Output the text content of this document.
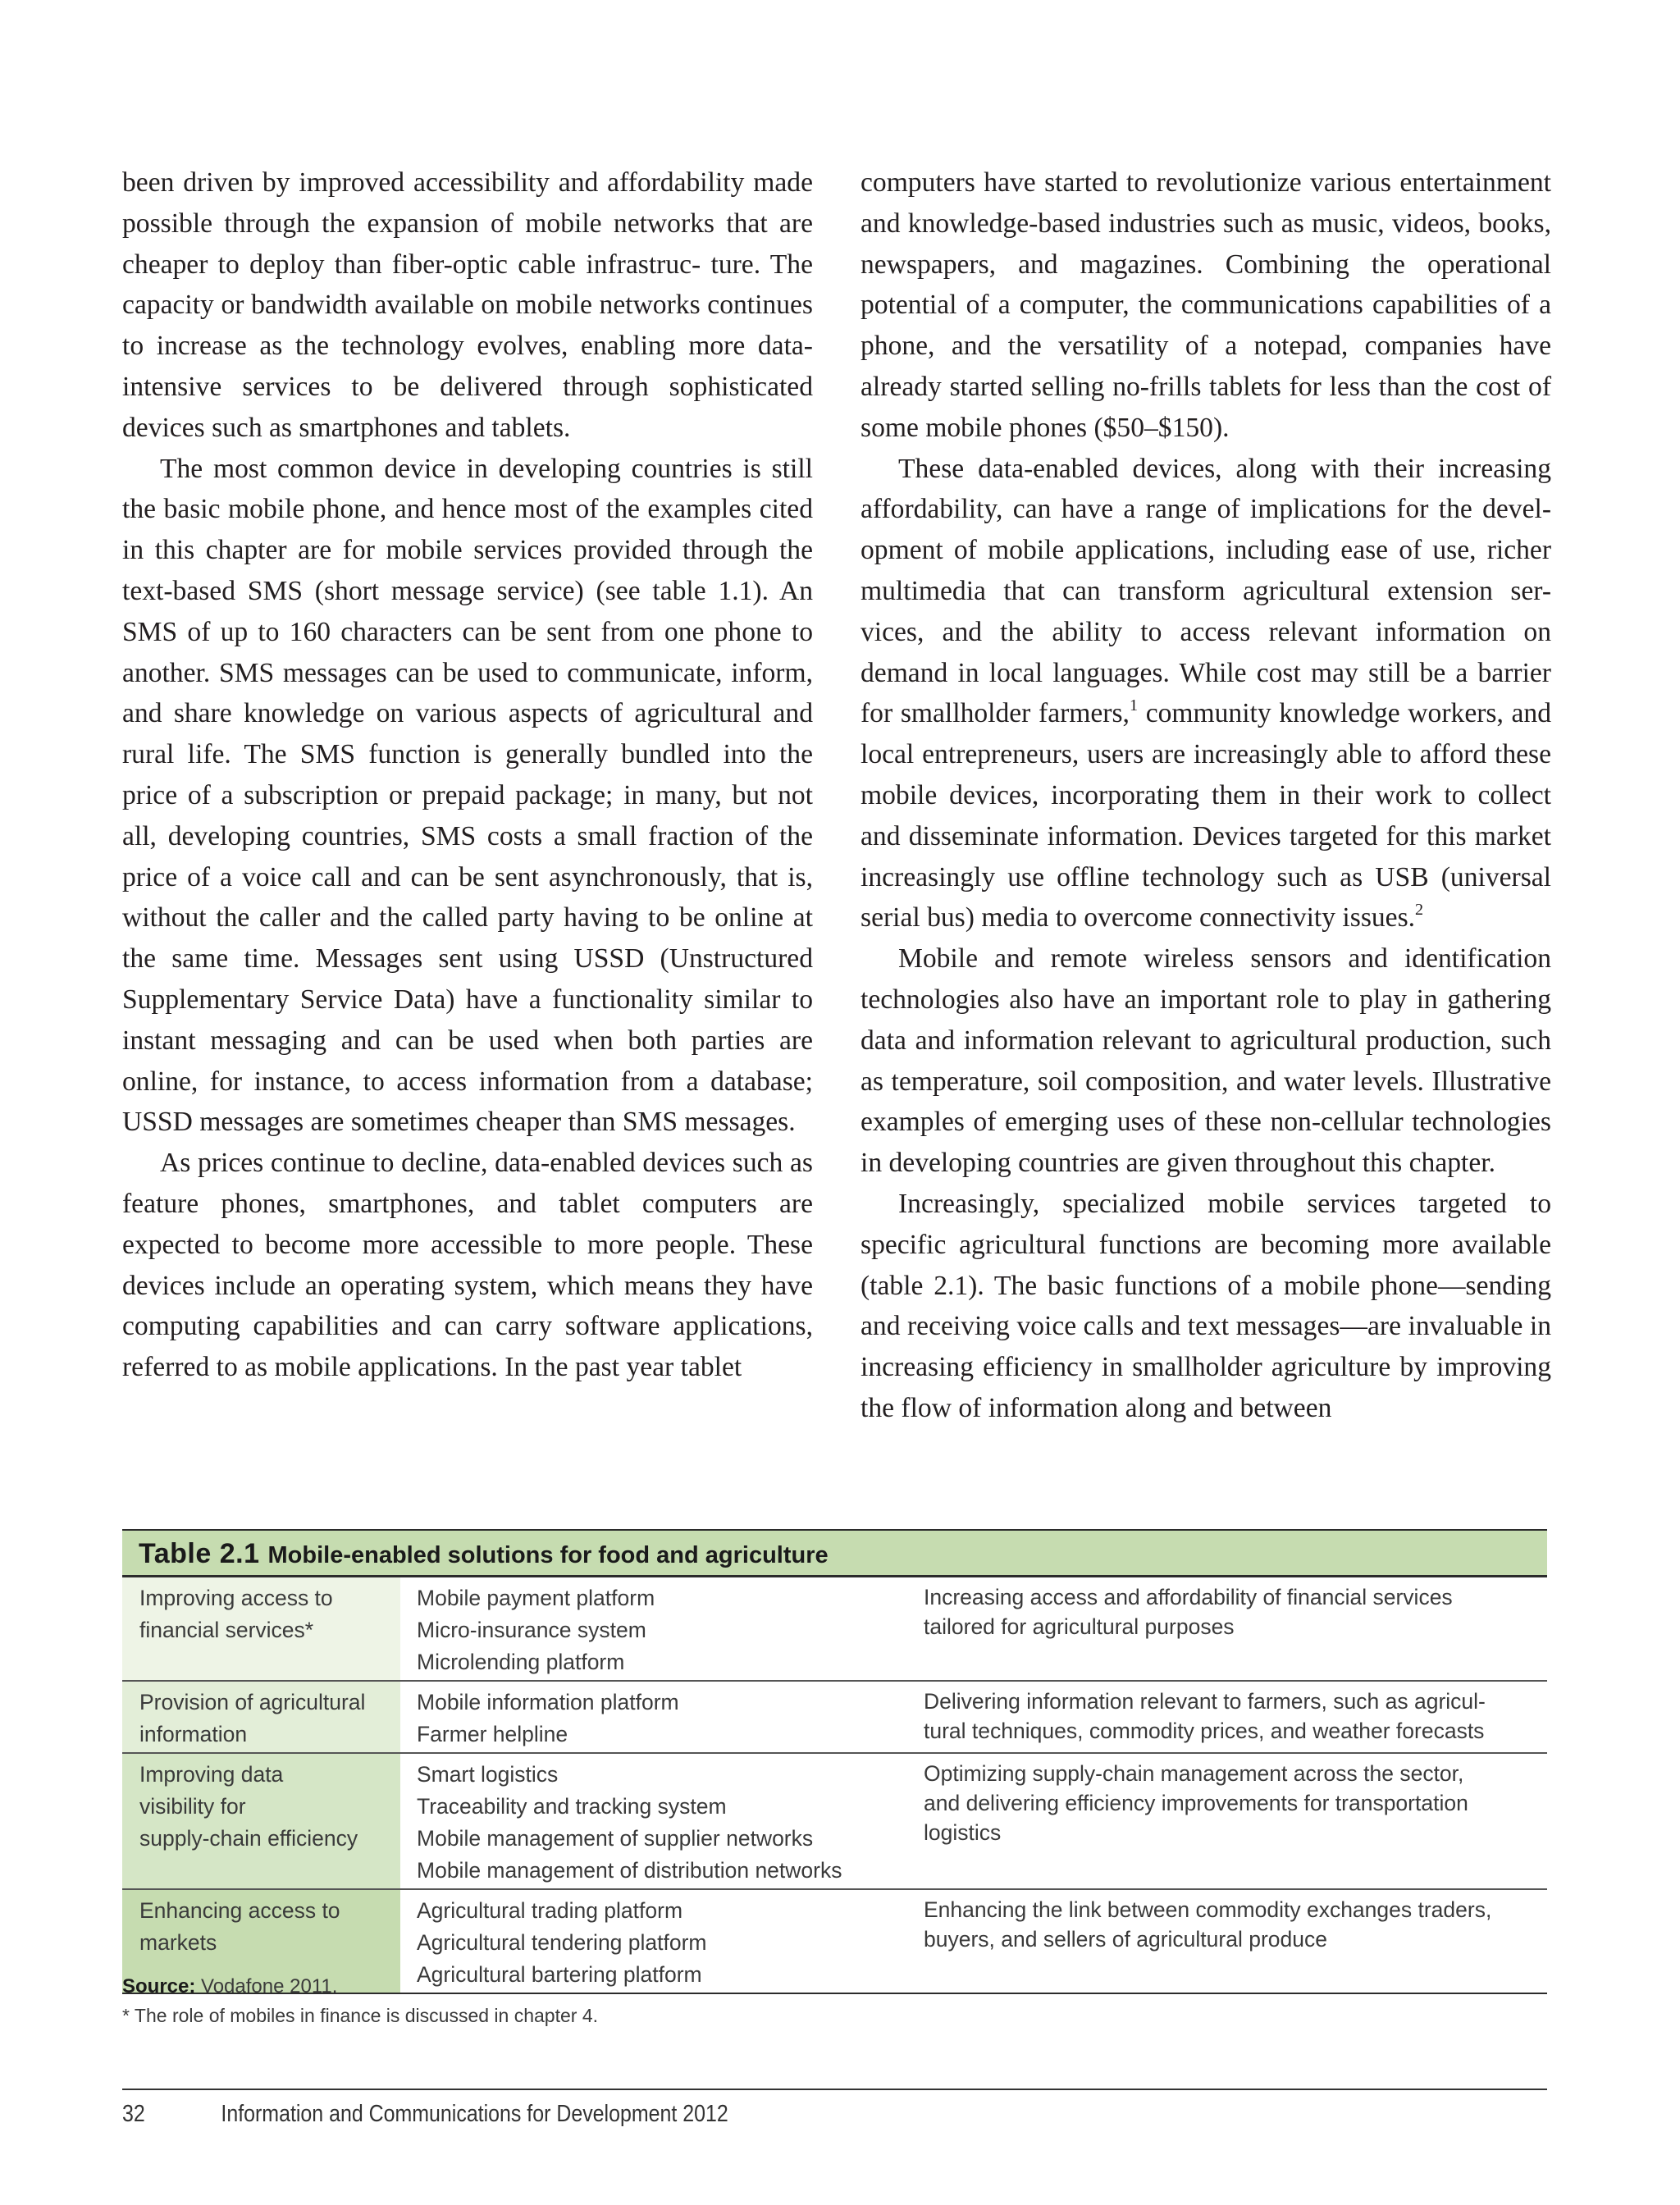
been driven by improved accessibility and affordability made possible through the expansion of mobile networks that are cheaper to deploy than fiber-optic cable infrastruc- ture. The capacity or bandwidth available on mobile networks continues to increase as the technology evolves, enabling more data-intensive services to be delivered through sophisticated devices such as smartphones and tablets.

The most common device in developing countries is still the basic mobile phone, and hence most of the examples cited in this chapter are for mobile services provided through the text-based SMS (short message service) (see table 1.1). An SMS of up to 160 characters can be sent from one phone to another. SMS messages can be used to communicate, inform, and share knowledge on various aspects of agricultural and rural life. The SMS function is generally bundled into the price of a subscription or prepaid package; in many, but not all, developing countries, SMS costs a small fraction of the price of a voice call and can be sent asynchronously, that is, without the caller and the called party having to be online at the same time. Messages sent using USSD (Unstructured Supplementary Service Data) have a functionality similar to instant messaging and can be used when both parties are online, for instance, to access information from a database; USSD messages are sometimes cheaper than SMS messages.

As prices continue to decline, data-enabled devices such as feature phones, smartphones, and tablet computers are expected to become more accessible to more people. These devices include an operating system, which means they have computing capabilities and can carry software applications, referred to as mobile applications. In the past year tablet

computers have started to revolutionize various entertainment and knowledge-based industries such as music, videos, books, newspapers, and magazines. Combining the operational potential of a computer, the communications capabilities of a phone, and the versatility of a notepad, companies have already started selling no-frills tablets for less than the cost of some mobile phones ($50–$150).

These data-enabled devices, along with their increasing affordability, can have a range of implications for the devel- opment of mobile applications, including ease of use, richer multimedia that can transform agricultural extension ser- vices, and the ability to access relevant information on demand in local languages. While cost may still be a barrier for smallholder farmers,$^1$ community knowledge workers, and local entrepreneurs, users are increasingly able to afford these mobile devices, incorporating them in their work to collect and disseminate information. Devices targeted for this market increasingly use offline technology such as USB (universal serial bus) media to overcome connectivity issues.$^2$

Mobile and remote wireless sensors and identification technologies also have an important role to play in gathering data and information relevant to agricultural production, such as temperature, soil composition, and water levels. Illustrative examples of emerging uses of these non-cellular technologies in developing countries are given throughout this chapter.

Increasingly, specialized mobile services targeted to specific agricultural functions are becoming more available (table 2.1). The basic functions of a mobile phone—sending and receiving voice calls and text messages—are invaluable in increasing efficiency in smallholder agriculture by improving the flow of information along and between

Table 2.1 Mobile-enabled solutions for food and agriculture
Improving access to
financial services*	Mobile payment platform
Micro-insurance system
Microlending platform	Increasing access and affordability of financial services
tailored for agricultural purposes

Provision of agricultural
information	Mobile information platform
Farmer helpline	Delivering information relevant to farmers, such as agricul-
tural techniques, commodity prices, and weather forecasts

Improving data
visibility for
supply-chain efficiency	Smart logistics
Traceability and tracking system
Mobile management of supplier networks
Mobile management of distribution networks	Optimizing supply-chain management across the sector,
and delivering efficiency improvements for transportation
logistics

Enhancing access to
markets	Agricultural trading platform
Agricultural tendering platform
Agricultural bartering platform	Enhancing the link between commodity exchanges traders,
buyers, and sellers of agricultural produce
Source: Vodafone 2011.
* The role of mobiles in finance is discussed in chapter 4.
32	Information and Communications for Development 2012
